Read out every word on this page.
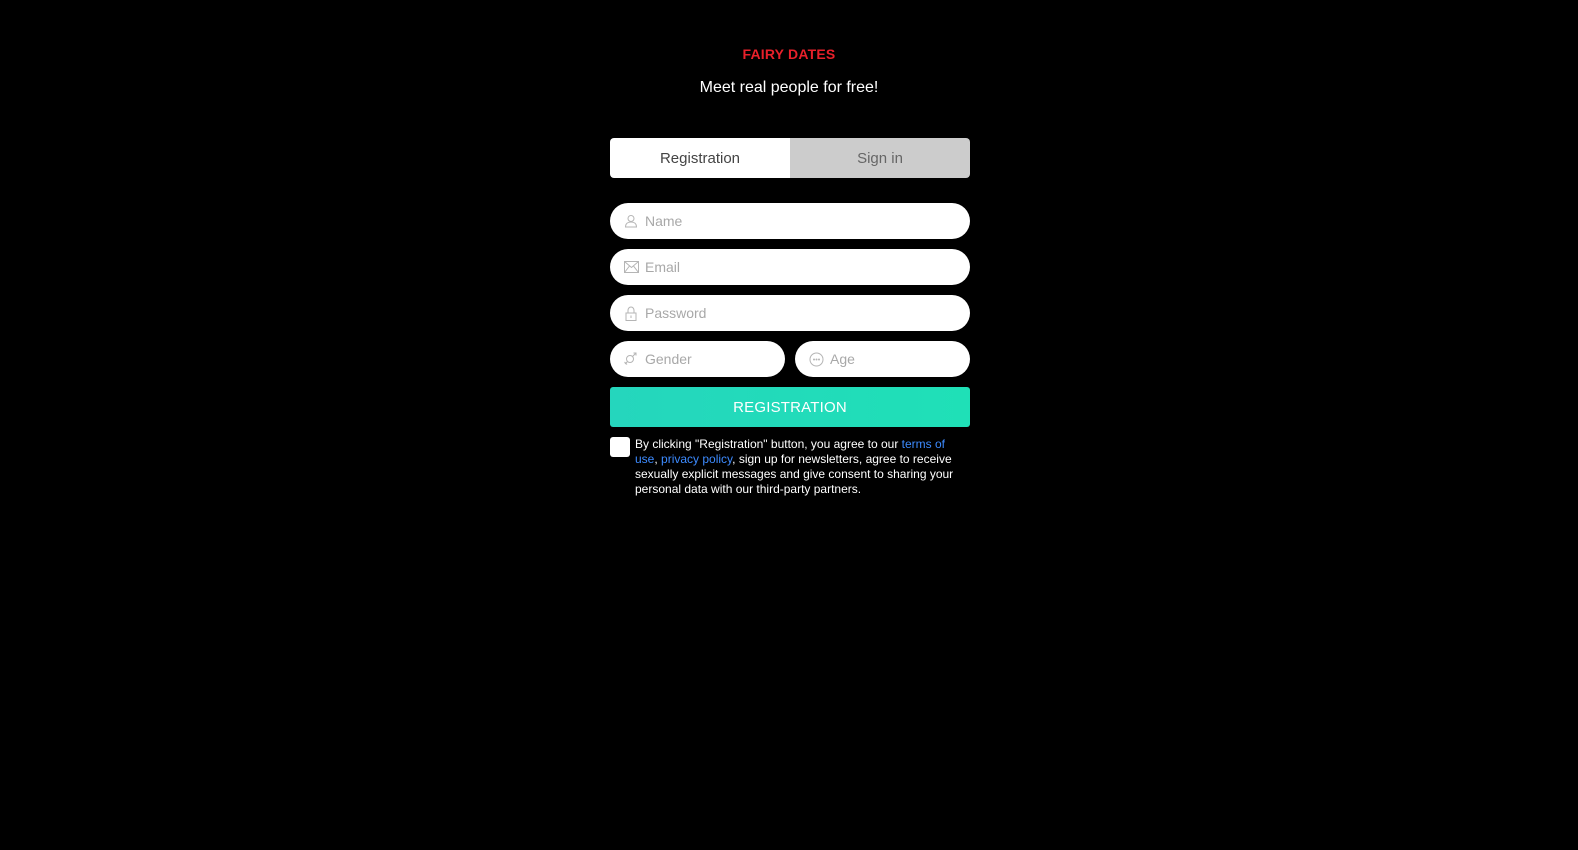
FAIRY DATES
Meet real people for free!
Registration	Sign in
Name
Email
Gender	Age
REGISTRATION
By clicking "Registration" button, you agree to our terms of use, privacy policy, sign up for newsletters, agree to receive sexually explicit messages and give consent to sharing your personal data with our third-party partners.
